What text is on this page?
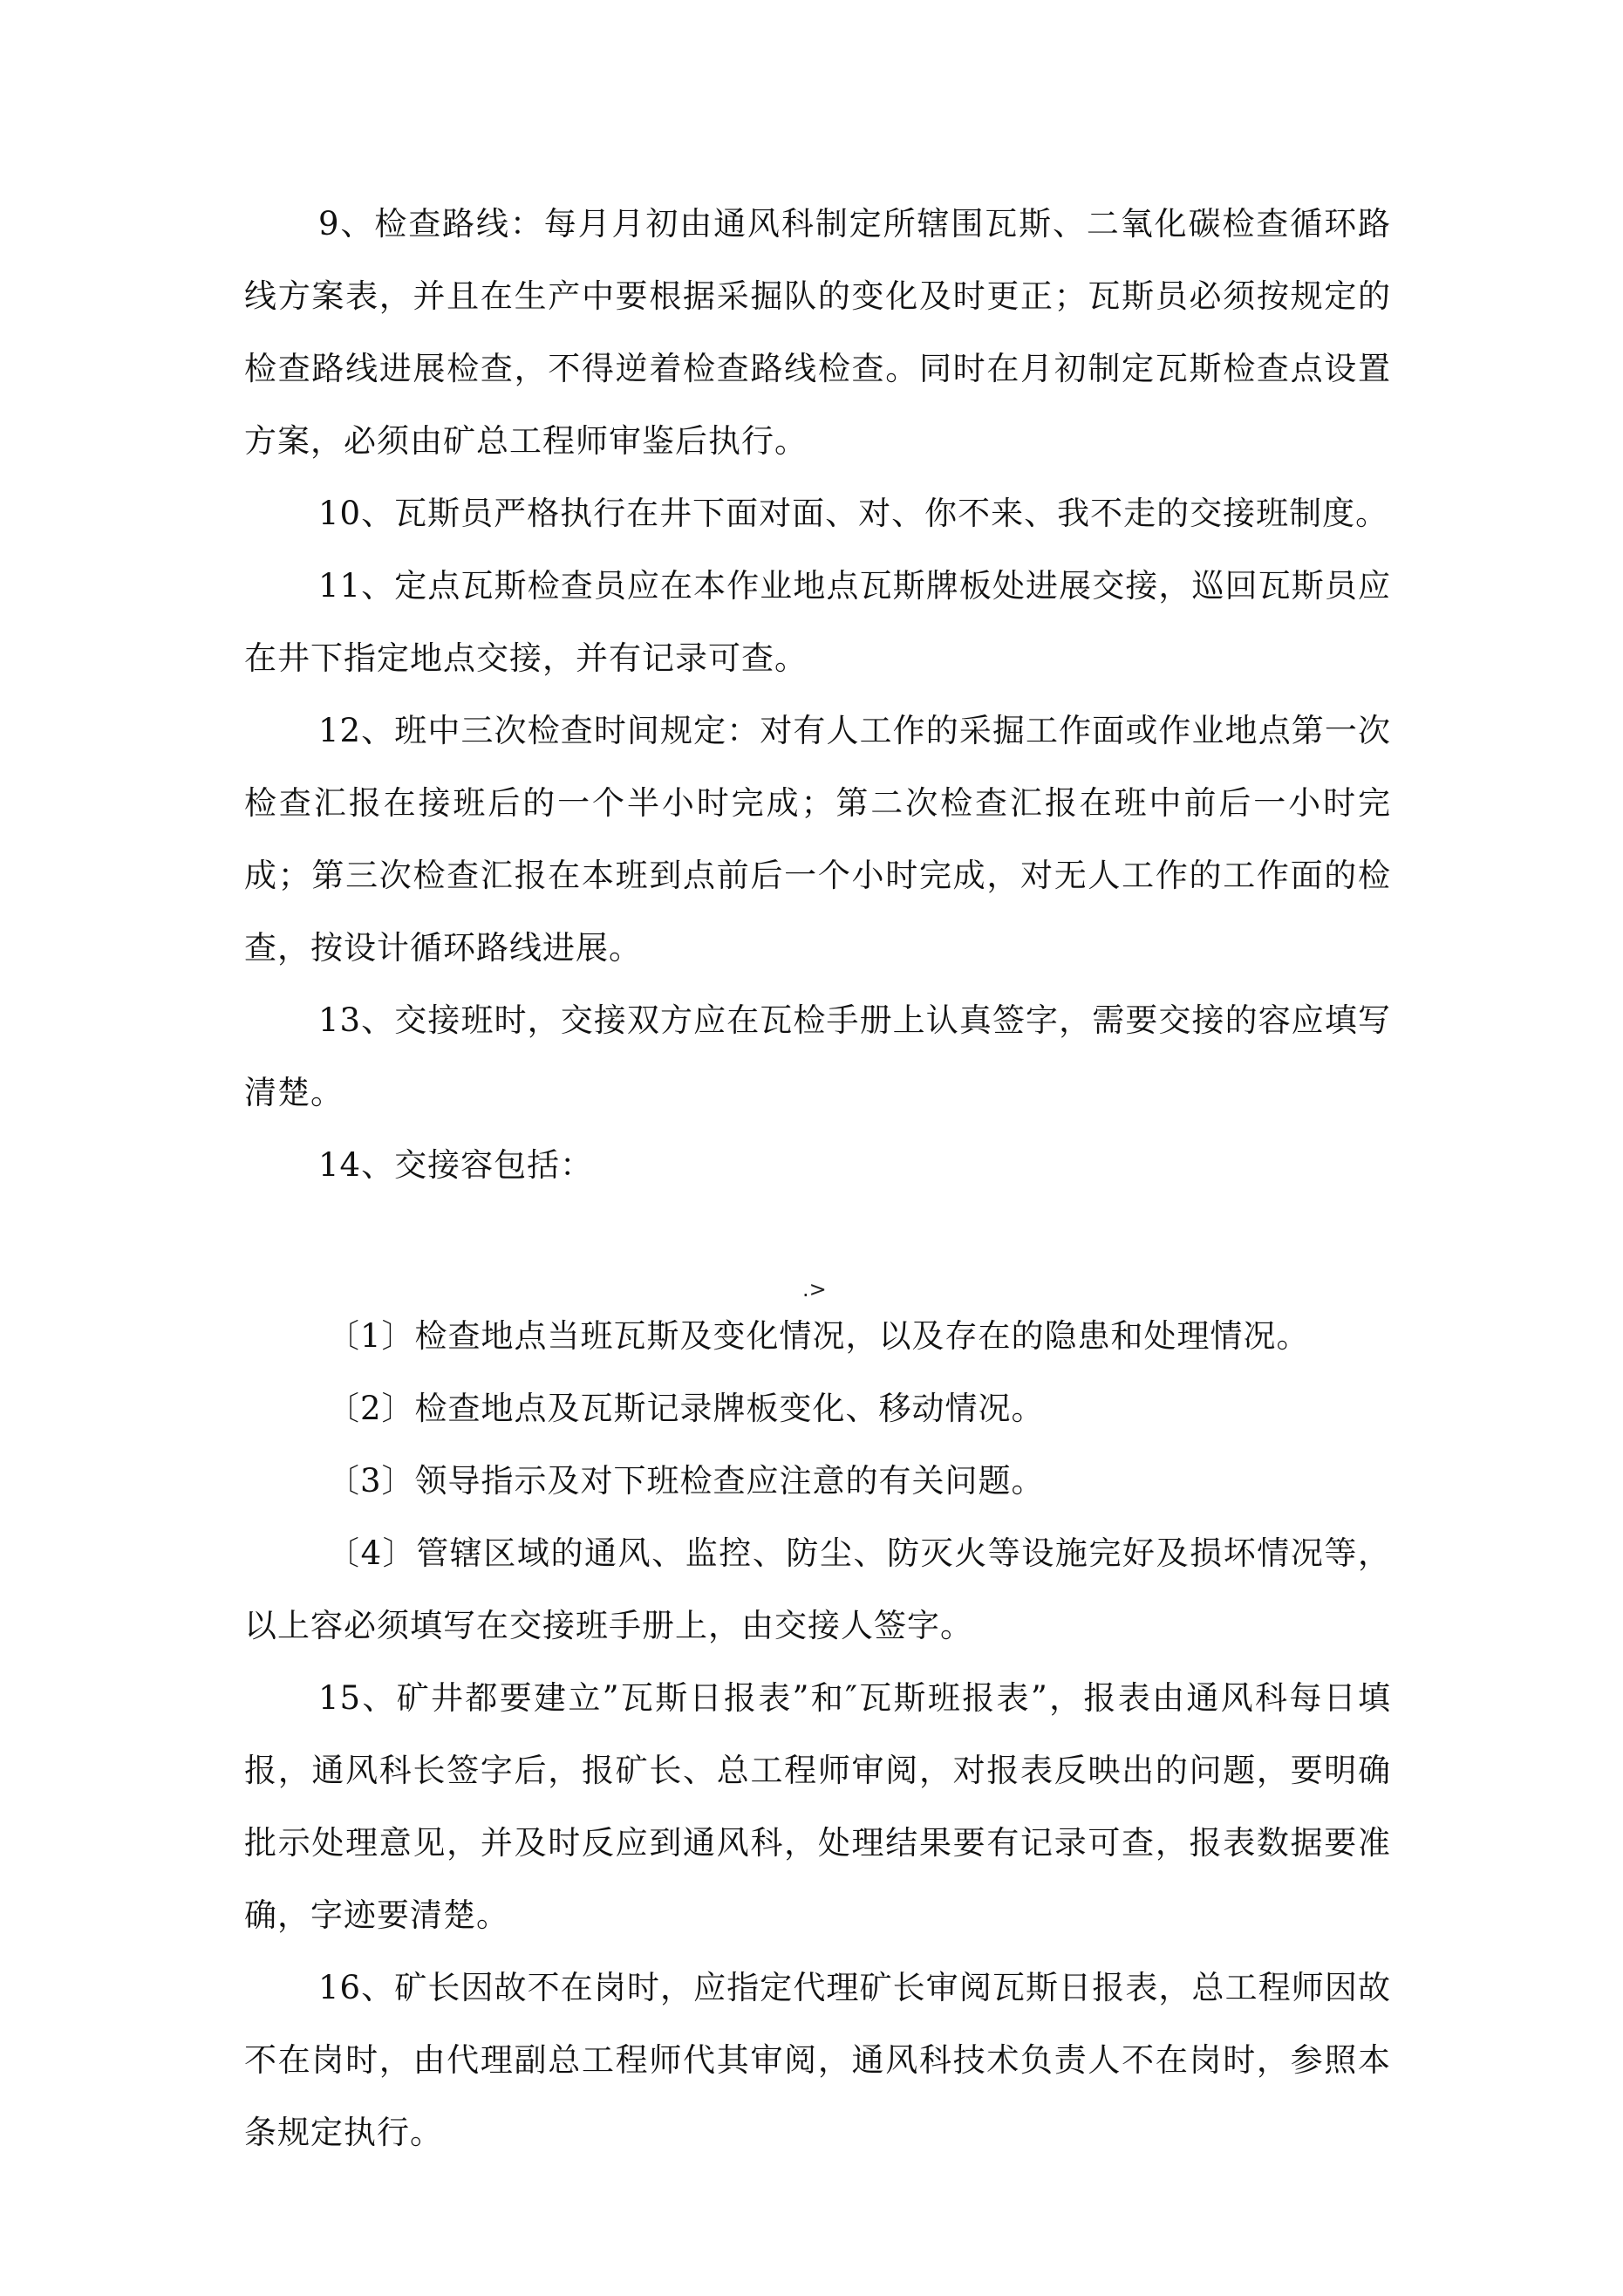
9、检查路线：每月月初由通风科制定所辖围瓦斯、二氧化碳检查循环路线方案表，并且在生产中要根据采掘队的变化及时更正；瓦斯员必须按规定的检查路线进展检查，不得逆着检查路线检查。同时在月初制定瓦斯检查点设置方案，必须由矿总工程师审鉴后执行。

10、瓦斯员严格执行在井下面对面、对、你不来、我不走的交接班制度。

11、定点瓦斯检查员应在本作业地点瓦斯牌板处进展交接，巡回瓦斯员应在井下指定地点交接，并有记录可查。

12、班中三次检查时间规定：对有人工作的采掘工作面或作业地点第一次检查汇报在接班后的一个半小时完成；第二次检查汇报在班中前后一小时完成；第三次检查汇报在本班到点前后一个小时完成，对无人工作的工作面的检查，按设计循环路线进展。

13、交接班时，交接双方应在瓦检手册上认真签字，需要交接的容应填写清楚。

14、交接容包括：

.>

〔1〕检查地点当班瓦斯及变化情况，以及存在的隐患和处理情况。

〔2〕检查地点及瓦斯记录牌板变化、移动情况。

〔3〕领导指示及对下班检查应注意的有关问题。

〔4〕管辖区域的通风、监控、防尘、防灭火等设施完好及损坏情况等，以上容必须填写在交接班手册上，由交接人签字。

15、矿井都要建立”瓦斯日报表”和″瓦斯班报表”，报表由通风科每日填报，通风科长签字后，报矿长、总工程师审阅，对报表反映出的问题，要明确批示处理意见，并及时反应到通风科，处理结果要有记录可查，报表数据要准确，字迹要清楚。

16、矿长因故不在岗时，应指定代理矿长审阅瓦斯日报表，总工程师因故不在岗时，由代理副总工程师代其审阅，通风科技术负责人不在岗时，参照本条规定执行。
